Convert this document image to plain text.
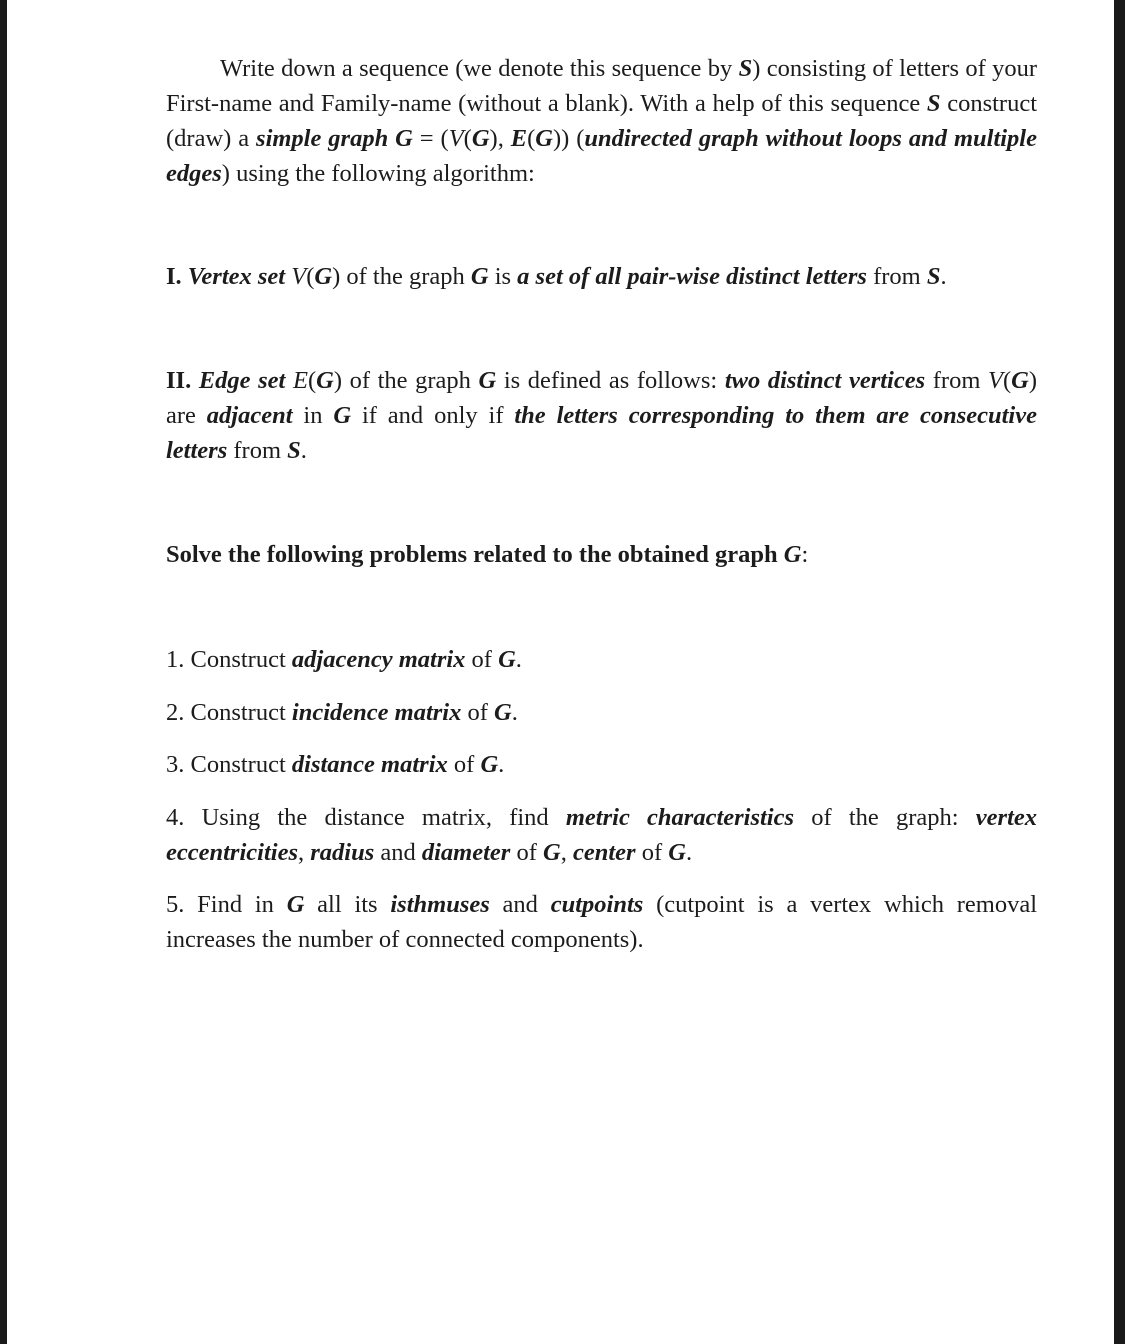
Write down a sequence (we denote this sequence by S) consisting of letters of your First-name and Family-name (without a blank). With a help of this sequence S construct (draw) a simple graph G = (V(G), E(G)) (undirected graph without loops and multiple edges) using the following algorithm:

I. Vertex set V(G) of the graph G is a set of all pair-wise distinct letters from S.

II. Edge set E(G) of the graph G is defined as follows: two distinct vertices from V(G) are adjacent in G if and only if the letters corresponding to them are consecutive letters from S.

Solve the following problems related to the obtained graph G:

1. Construct adjacency matrix of G.

2. Construct incidence matrix of G.

3. Construct distance matrix of G.

4. Using the distance matrix, find metric characteristics of the graph: vertex eccentricities, radius and diameter of G, center of G.

5. Find in G all its isthmuses and cutpoints (cutpoint is a vertex which removal increases the number of connected components).
